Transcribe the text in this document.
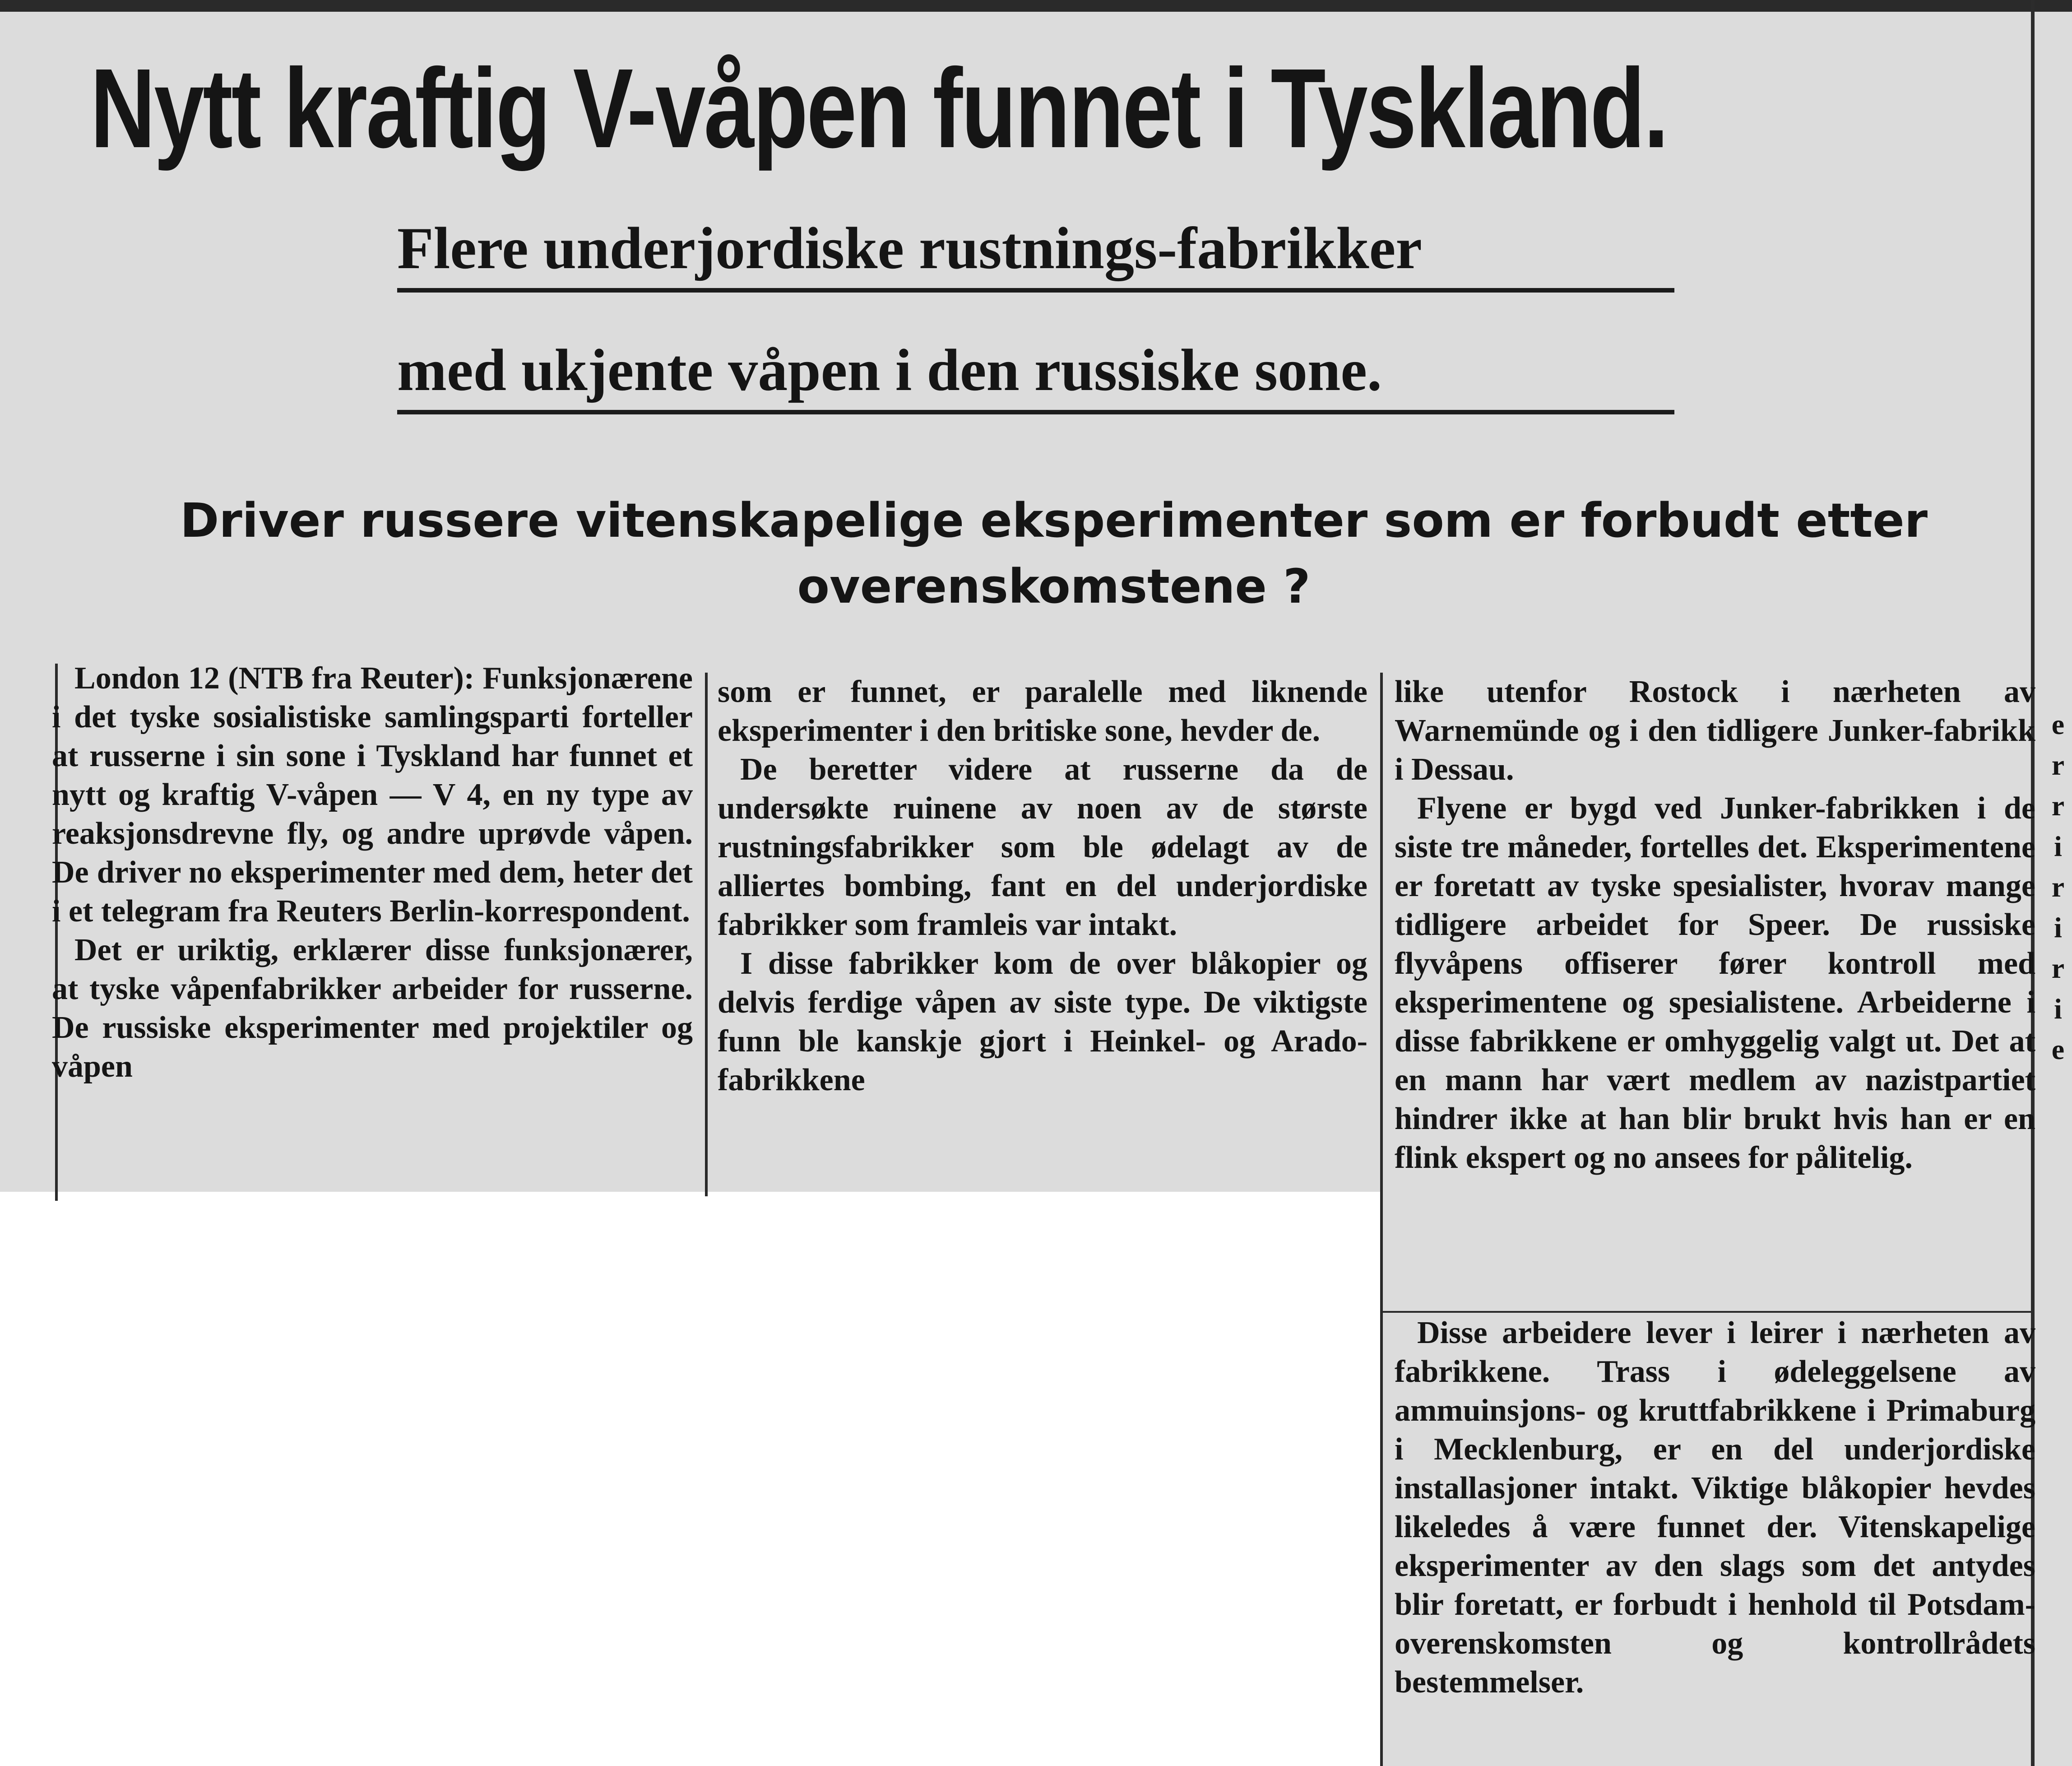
e
r
r
i
r
i
r
i
e
Nytt kraftig V-våpen funnet i Tyskland.
Flere underjordiske rustnings-fabrikker
med ukjente våpen i den russiske sone.
Driver russere vitenskapelige eksperimenter som er forbudt etter overenskomstene ?

London 12 (NTB fra Reuter): Funksjonærene i det tyske sosialistiske samlingsparti forteller at russerne i sin sone i Tyskland har funnet et nytt og kraftig V-våpen — V 4, en ny type av reaksjonsdrevne fly, og andre uprøvde våpen. De driver no eksperimenter med dem, heter det i et telegram fra Reuters Berlin-korrespondent.

Det er uriktig, erklærer disse funksjonærer, at tyske våpenfabrikker arbeider for russerne. De russiske eksperimenter med projektiler og våpen

som er funnet, er paralelle med liknende eksperimenter i den britiske sone, hevder de.

De beretter videre at russerne da de undersøkte ruinene av noen av de største rustningsfabrikker som ble ødelagt av de alliertes bombing, fant en del underjordiske fabrikker som framleis var intakt.

I disse fabrikker kom de over blåkopier og delvis ferdige våpen av siste type. De viktigste funn ble kanskje gjort i Heinkel- og Arado-fabrikkene

like utenfor Rostock i nærheten av Warnemünde og i den tidligere Junker-fabrikk i Dessau.

Flyene er bygd ved Junker-fabrikken i de siste tre måneder, fortelles det. Eksperimentene er foretatt av tyske spesialister, hvorav mange tidligere arbeidet for Speer. De russiske flyvåpens offiserer fører kontroll med eksperimentene og spesialistene. Arbeiderne i disse fabrikkene er omhyggelig valgt ut. Det at en mann har vært medlem av nazistpartiet hindrer ikke at han blir brukt hvis han er en flink ekspert og no ansees for pålitelig.

Disse arbeidere lever i leirer i nærheten av fabrikkene. Trass i ødeleggelsene av ammuinsjons- og kruttfabrikkene i Primaburg i Mecklenburg, er en del underjordiske installasjoner intakt. Viktige blåkopier hevdes likeledes å være funnet der. Vitenskapelige eksperimenter av den slags som det antydes blir foretatt, er forbudt i henhold til Potsdam-overenskomsten og kontrollrådets bestemmelser.
